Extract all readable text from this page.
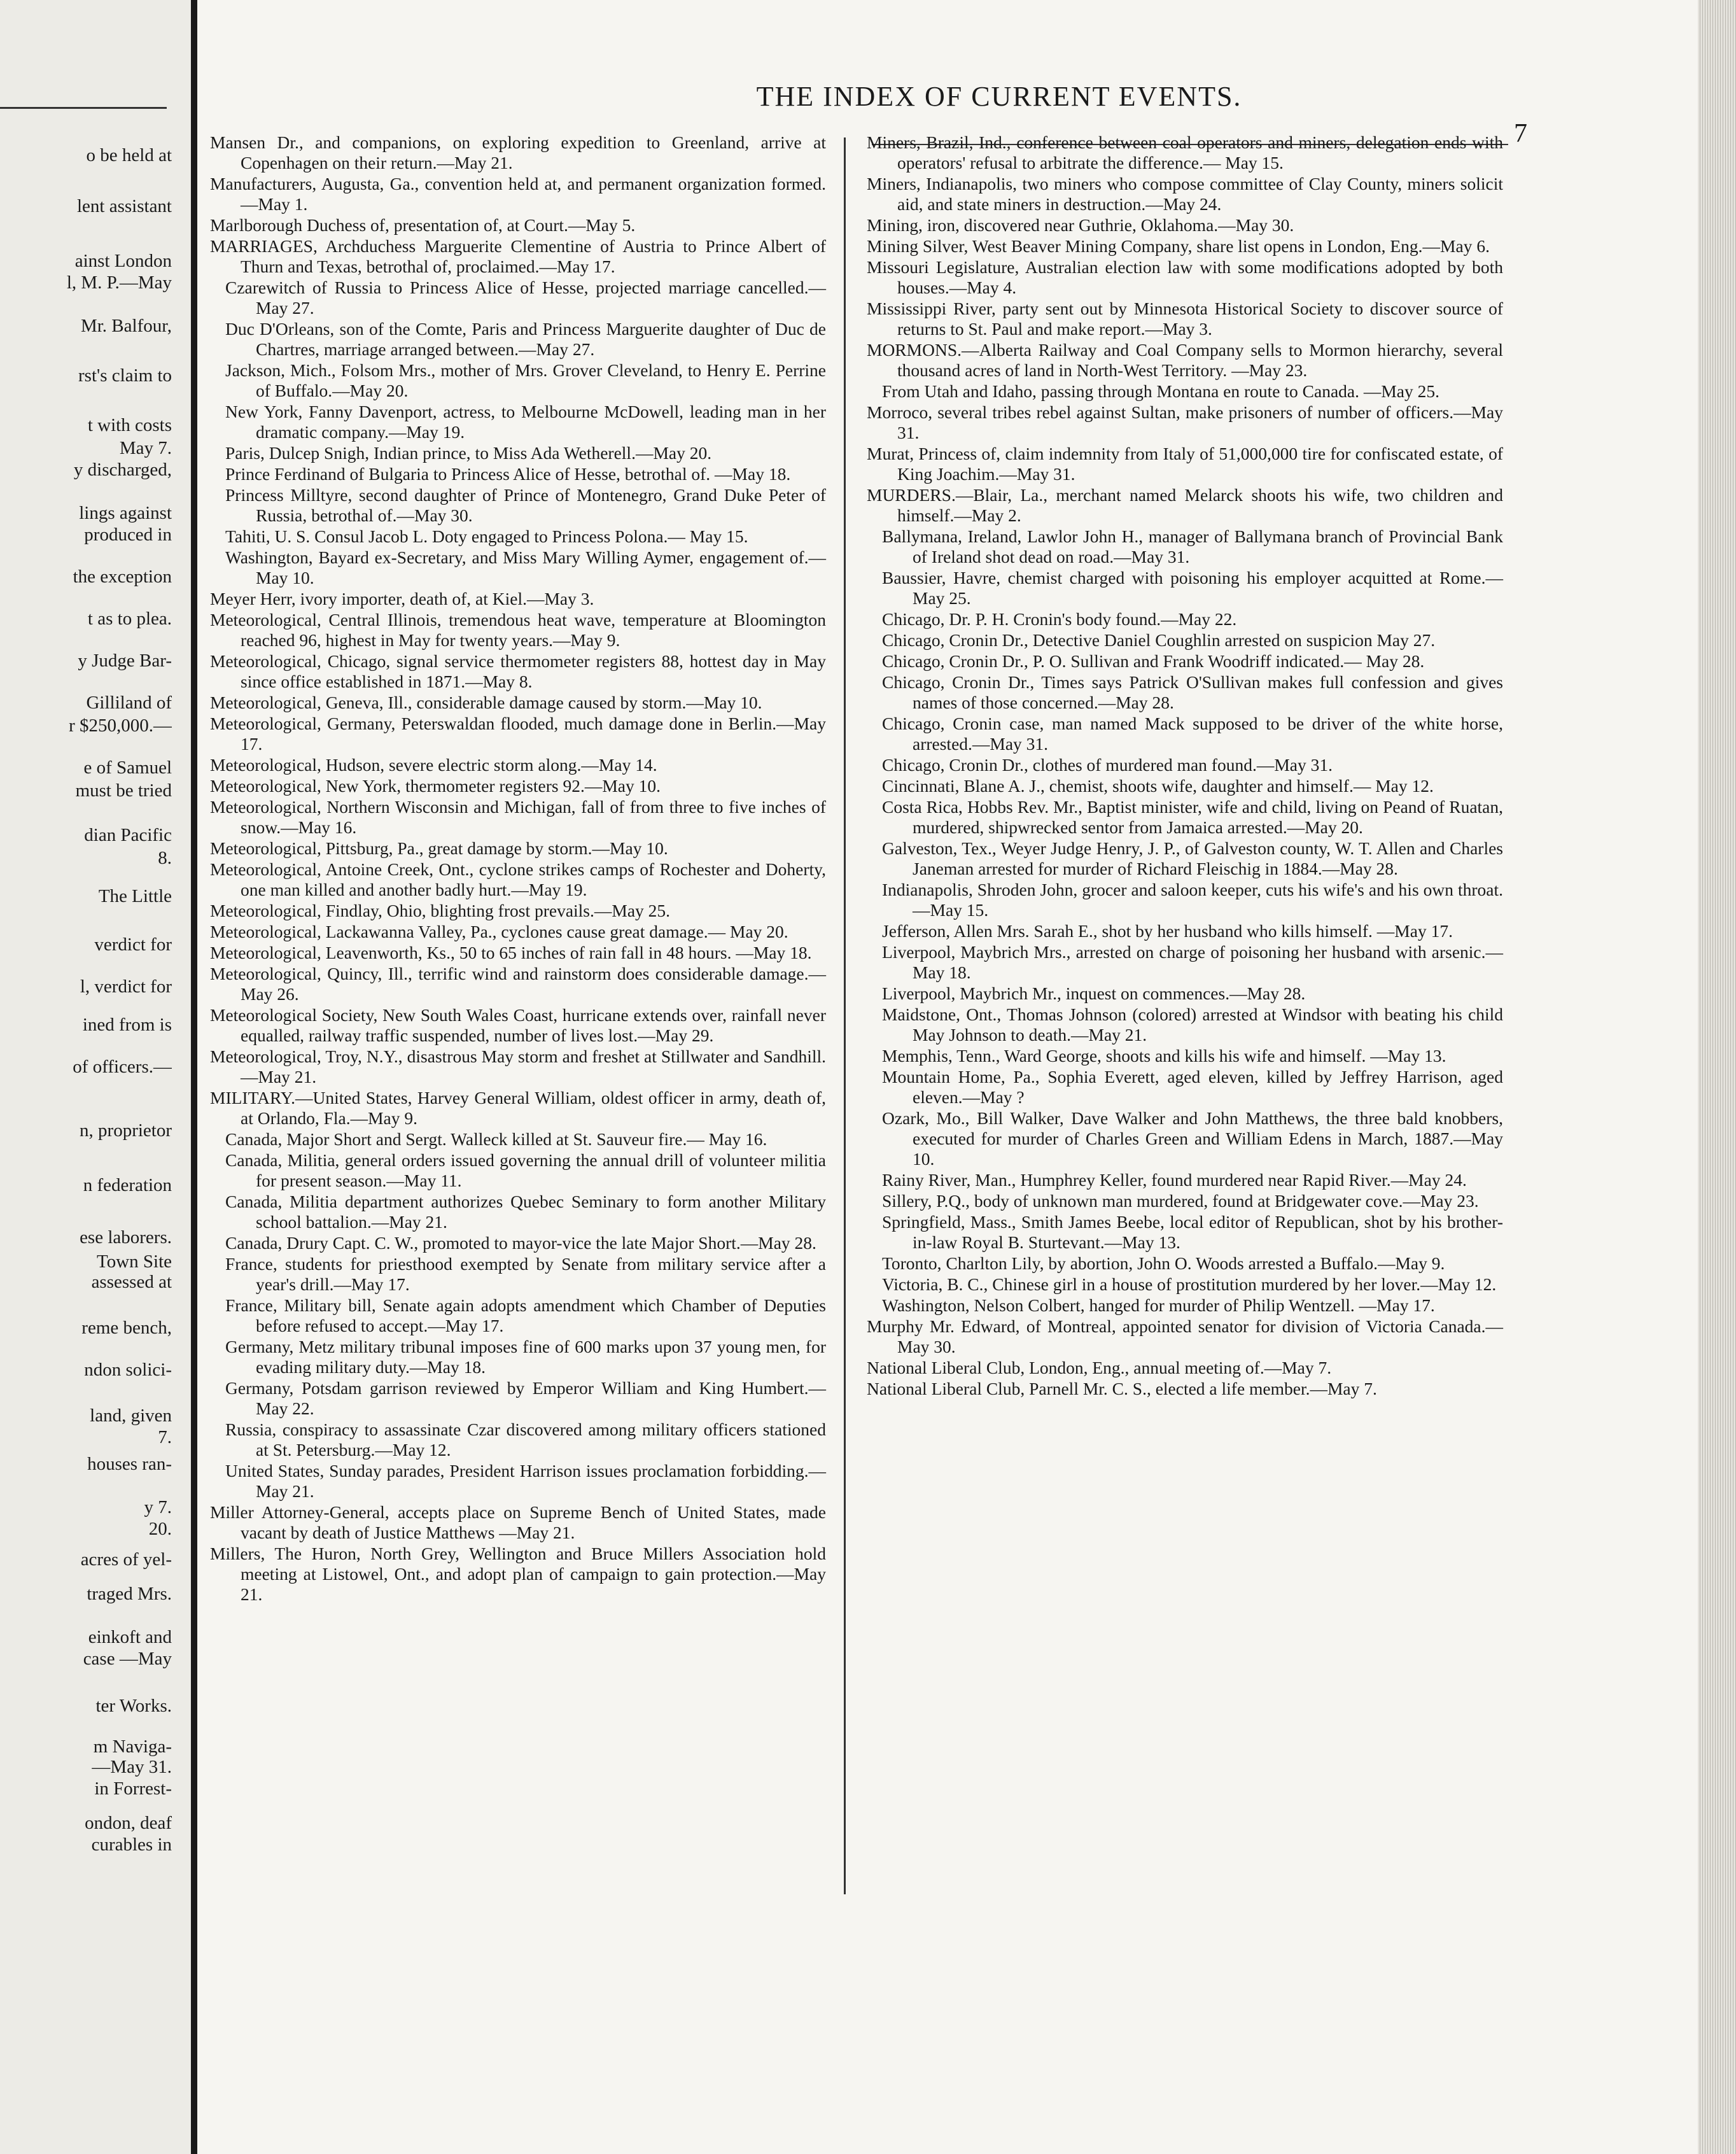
o be held at
lent assistant
ainst London
l, M. P.—May
Mr. Balfour,
rst's claim to
t with costs
May 7.
y discharged,
lings against
produced in
the exception
t as to plea.
y Judge Bar-
Gilliland of
r $250,000.—
e of Samuel
must be tried
dian Pacific
8.
The Little
verdict for
l, verdict for
ined from is
of officers.—
n, proprietor
n federation
ese laborers.
Town Site
assessed at
reme bench,
ndon solici-
land, given
7.
houses ran-
y 7.
20.
acres of yel-
traged Mrs.
einkoft and
case —May
ter Works.
m Naviga-
—May 31.
in Forrest-
ondon, deaf
curables in
THE INDEX OF CURRENT EVENTS.
7

Mansen Dr., and companions, on exploring expedition to Greenland, arrive at Copenhagen on their return.—May 21.

Manufacturers, Augusta, Ga., convention held at, and permanent organization formed.—May 1.

Marlborough Duchess of, presentation of, at Court.—May 5.

MARRIAGES, Archduchess Marguerite Clementine of Austria to Prince Albert of Thurn and Texas, betrothal of, proclaimed.—May 17.

Czarewitch of Russia to Princess Alice of Hesse, projected marriage cancelled.—May 27.

Duc D'Orleans, son of the Comte, Paris and Princess Marguerite daughter of Duc de Chartres, marriage arranged between.—May 27.

Jackson, Mich., Folsom Mrs., mother of Mrs. Grover Cleveland, to Henry E. Perrine of Buffalo.—May 20.

New York, Fanny Davenport, actress, to Melbourne McDowell, leading man in her dramatic company.—May 19.

Paris, Dulcep Snigh, Indian prince, to Miss Ada Wetherell.—May 20.

Prince Ferdinand of Bulgaria to Princess Alice of Hesse, betrothal of. —May 18.

Princess Milltyre, second daughter of Prince of Montenegro, Grand Duke Peter of Russia, betrothal of.—May 30.

Tahiti, U. S. Consul Jacob L. Doty engaged to Princess Polona.— May 15.

Washington, Bayard ex-Secretary, and Miss Mary Willing Aymer, engagement of.—May 10.

Meyer Herr, ivory importer, death of, at Kiel.—May 3.

Meteorological, Central Illinois, tremendous heat wave, temperature at Bloomington reached 96, highest in May for twenty years.—May 9.

Meteorological, Chicago, signal service thermometer registers 88, hottest day in May since office established in 1871.—May 8.

Meteorological, Geneva, Ill., considerable damage caused by storm.—May 10.

Meteorological, Germany, Peterswaldan flooded, much damage done in Berlin.—May 17.

Meteorological, Hudson, severe electric storm along.—May 14.

Meteorological, New York, thermometer registers 92.—May 10.

Meteorological, Northern Wisconsin and Michigan, fall of from three to five inches of snow.—May 16.

Meteorological, Pittsburg, Pa., great damage by storm.—May 10.

Meteorological, Antoine Creek, Ont., cyclone strikes camps of Rochester and Doherty, one man killed and another badly hurt.—May 19.

Meteorological, Findlay, Ohio, blighting frost prevails.—May 25.

Meteorological, Lackawanna Valley, Pa., cyclones cause great damage.— May 20.

Meteorological, Leavenworth, Ks., 50 to 65 inches of rain fall in 48 hours. —May 18.

Meteorological, Quincy, Ill., terrific wind and rainstorm does considerable damage.—May 26.

Meteorological Society, New South Wales Coast, hurricane extends over, rainfall never equalled, railway traffic suspended, number of lives lost.—May 29.

Meteorological, Troy, N.Y., disastrous May storm and freshet at Stillwater and Sandhill.—May 21.

MILITARY.—United States, Harvey General William, oldest officer in army, death of, at Orlando, Fla.—May 9.

Canada, Major Short and Sergt. Walleck killed at St. Sauveur fire.— May 16.

Canada, Militia, general orders issued governing the annual drill of volunteer militia for present season.—May 11.

Canada, Militia department authorizes Quebec Seminary to form another Military school battalion.—May 21.

Canada, Drury Capt. C. W., promoted to mayor-vice the late Major Short.—May 28.

France, students for priesthood exempted by Senate from military service after a year's drill.—May 17.

France, Military bill, Senate again adopts amendment which Chamber of Deputies before refused to accept.—May 17.

Germany, Metz military tribunal imposes fine of 600 marks upon 37 young men, for evading military duty.—May 18.

Germany, Potsdam garrison reviewed by Emperor William and King Humbert.—May 22.

Russia, conspiracy to assassinate Czar discovered among military officers stationed at St. Petersburg.—May 12.

United States, Sunday parades, President Harrison issues proclamation forbidding.—May 21.

Miller Attorney-General, accepts place on Supreme Bench of United States, made vacant by death of Justice Matthews —May 21.

Millers, The Huron, North Grey, Wellington and Bruce Millers Association hold meeting at Listowel, Ont., and adopt plan of campaign to gain protection.—May 21.

Miners, Brazil, Ind., conference between coal operators and miners, delegation ends with operators' refusal to arbitrate the difference.— May 15.

Miners, Indianapolis, two miners who compose committee of Clay County, miners solicit aid, and state miners in destruction.—May 24.

Mining, iron, discovered near Guthrie, Oklahoma.—May 30.

Mining Silver, West Beaver Mining Company, share list opens in London, Eng.—May 6.

Missouri Legislature, Australian election law with some modifications adopted by both houses.—May 4.

Mississippi River, party sent out by Minnesota Historical Society to discover source of returns to St. Paul and make report.—May 3.

MORMONS.—Alberta Railway and Coal Company sells to Mormon hierarchy, several thousand acres of land in North-West Territory. —May 23.

From Utah and Idaho, passing through Montana en route to Canada. —May 25.

Morroco, several tribes rebel against Sultan, make prisoners of number of officers.—May 31.

Murat, Princess of, claim indemnity from Italy of 51,000,000 tire for confiscated estate, of King Joachim.—May 31.

MURDERS.—Blair, La., merchant named Melarck shoots his wife, two children and himself.—May 2.

Ballymana, Ireland, Lawlor John H., manager of Ballymana branch of Provincial Bank of Ireland shot dead on road.—May 31.

Baussier, Havre, chemist charged with poisoning his employer acquitted at Rome.—May 25.

Chicago, Dr. P. H. Cronin's body found.—May 22.

Chicago, Cronin Dr., Detective Daniel Coughlin arrested on suspicion May 27.

Chicago, Cronin Dr., P. O. Sullivan and Frank Woodriff indicated.— May 28.

Chicago, Cronin Dr., Times says Patrick O'Sullivan makes full confession and gives names of those concerned.—May 28.

Chicago, Cronin case, man named Mack supposed to be driver of the white horse, arrested.—May 31.

Chicago, Cronin Dr., clothes of murdered man found.—May 31.

Cincinnati, Blane A. J., chemist, shoots wife, daughter and himself.— May 12.

Costa Rica, Hobbs Rev. Mr., Baptist minister, wife and child, living on Peand of Ruatan, murdered, shipwrecked sentor from Jamaica arrested.—May 20.

Galveston, Tex., Weyer Judge Henry, J. P., of Galveston county, W. T. Allen and Charles Janeman arrested for murder of Richard Fleischig in 1884.—May 28.

Indianapolis, Shroden John, grocer and saloon keeper, cuts his wife's and his own throat.—May 15.

Jefferson, Allen Mrs. Sarah E., shot by her husband who kills himself. —May 17.

Liverpool, Maybrich Mrs., arrested on charge of poisoning her husband with arsenic.—May 18.

Liverpool, Maybrich Mr., inquest on commences.—May 28.

Maidstone, Ont., Thomas Johnson (colored) arrested at Windsor with beating his child May Johnson to death.—May 21.

Memphis, Tenn., Ward George, shoots and kills his wife and himself. —May 13.

Mountain Home, Pa., Sophia Everett, aged eleven, killed by Jeffrey Harrison, aged eleven.—May ?

Ozark, Mo., Bill Walker, Dave Walker and John Matthews, the three bald knobbers, executed for murder of Charles Green and William Edens in March, 1887.—May 10.

Rainy River, Man., Humphrey Keller, found murdered near Rapid River.—May 24.

Sillery, P.Q., body of unknown man murdered, found at Bridgewater cove.—May 23.

Springfield, Mass., Smith James Beebe, local editor of Republican, shot by his brother-in-law Royal B. Sturtevant.—May 13.

Toronto, Charlton Lily, by abortion, John O. Woods arrested a Buffalo.—May 9.

Victoria, B. C., Chinese girl in a house of prostitution murdered by her lover.—May 12.

Washington, Nelson Colbert, hanged for murder of Philip Wentzell. —May 17.

Murphy Mr. Edward, of Montreal, appointed senator for division of Victoria Canada.—May 30.

National Liberal Club, London, Eng., annual meeting of.—May 7.

National Liberal Club, Parnell Mr. C. S., elected a life member.—May 7.
